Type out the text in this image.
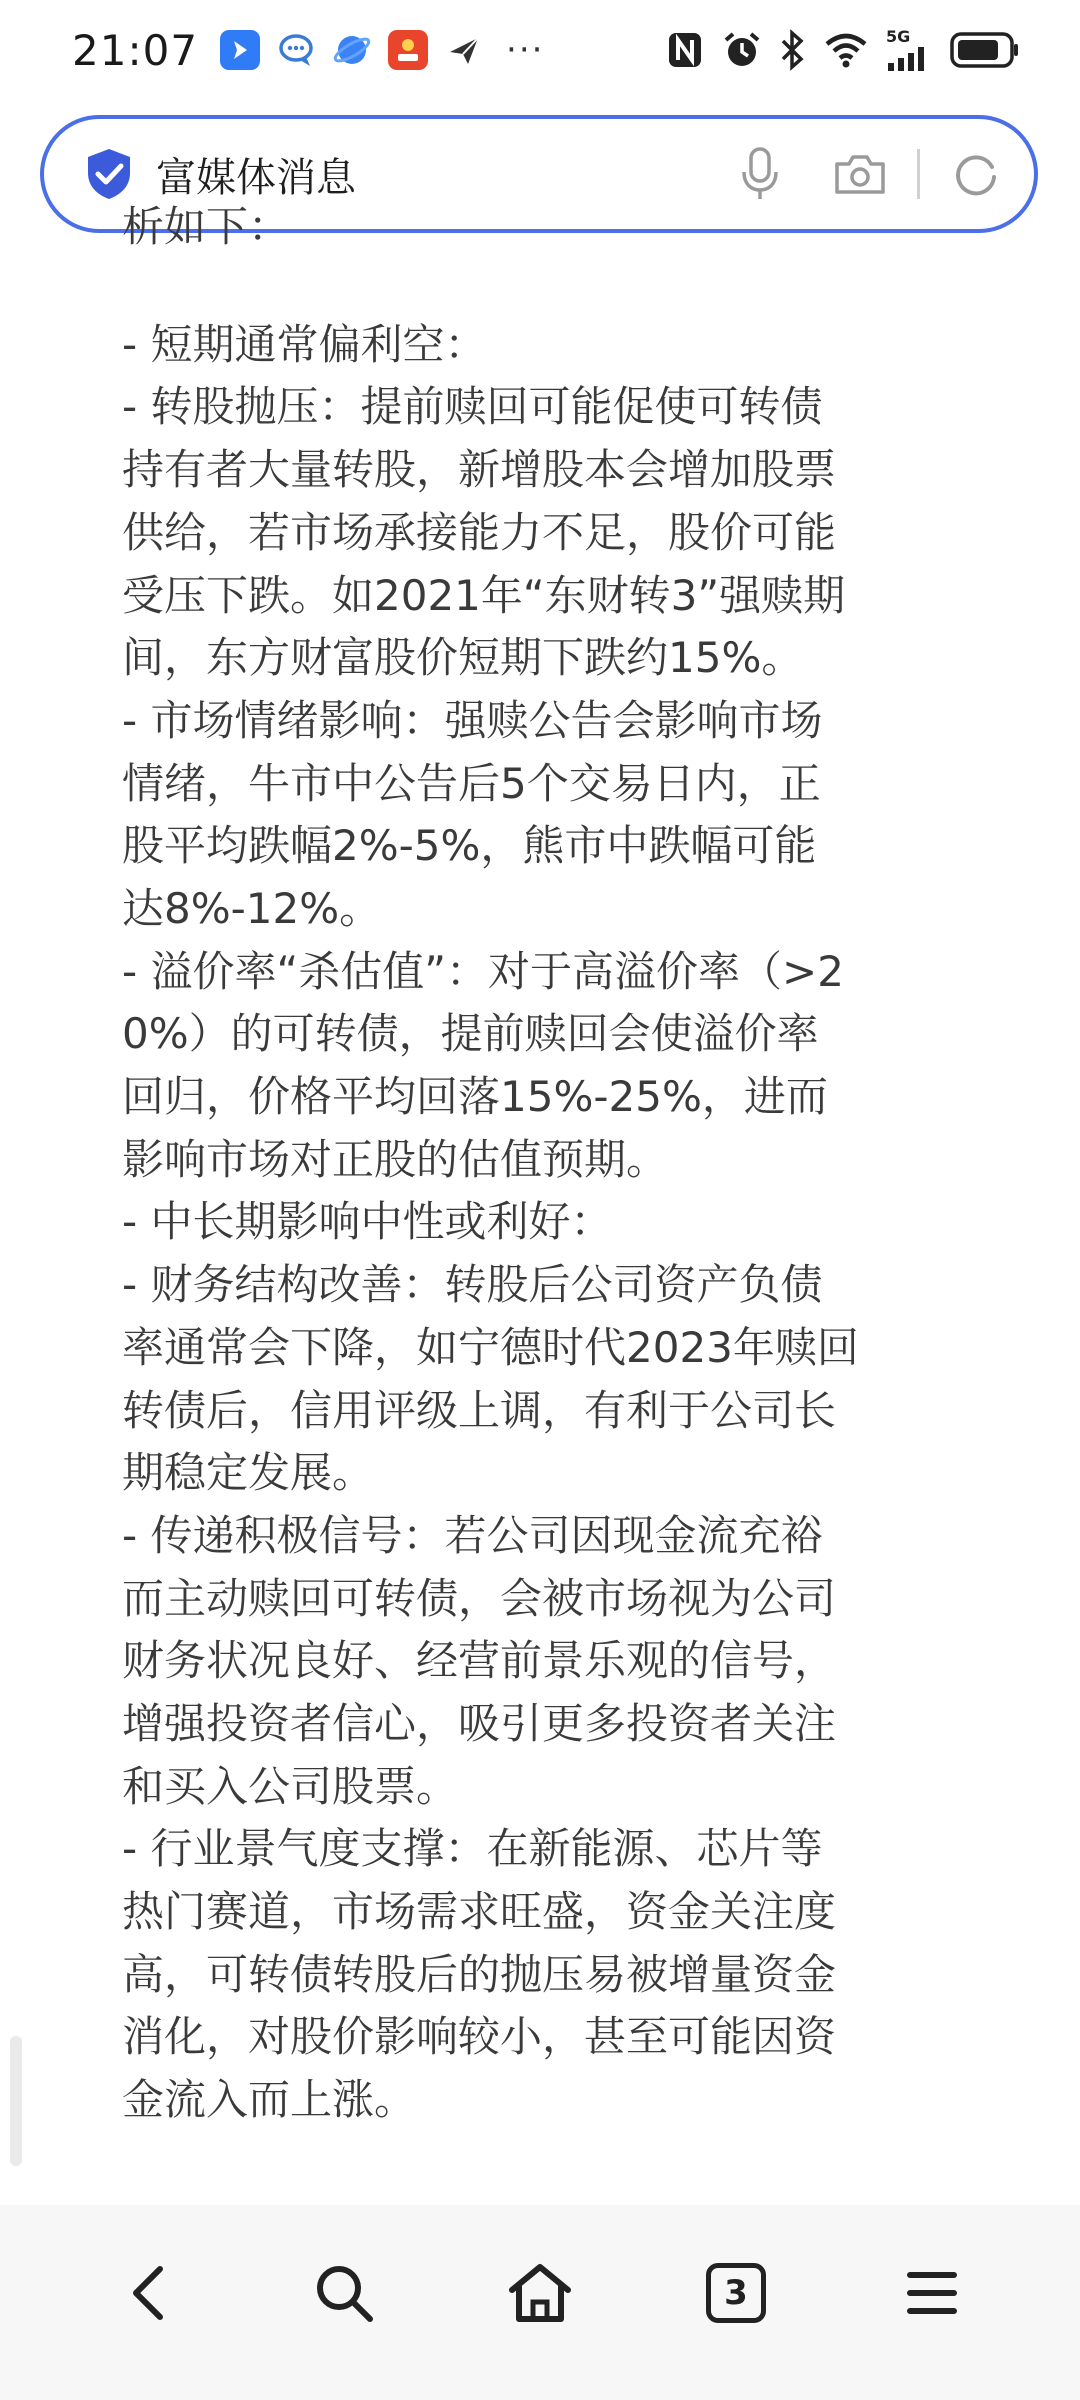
21:07	···	5G
富媒体消息
析如下：
- 短期通常偏利空：
- 转股抛压：提前赎回可能促使可转债
持有者大量转股，新增股本会增加股票
供给，若市场承接能力不足，股价可能
受压下跌。如2021年“东财转3”强赎期
间，东方财富股价短期下跌约15%。
- 市场情绪影响：强赎公告会影响市场
情绪，牛市中公告后5个交易日内，正
股平均跌幅2%-5%，熊市中跌幅可能
达8%-12%。
- 溢价率“杀估值”：对于高溢价率（>2
0%）的可转债，提前赎回会使溢价率
回归，价格平均回落15%-25%，进而
影响市场对正股的估值预期。
- 中长期影响中性或利好：
- 财务结构改善：转股后公司资产负债
率通常会下降，如宁德时代2023年赎回
转债后，信用评级上调，有利于公司长
期稳定发展。
- 传递积极信号：若公司因现金流充裕
而主动赎回可转债，会被市场视为公司
财务状况良好、经营前景乐观的信号，
增强投资者信心，吸引更多投资者关注
和买入公司股票。
- 行业景气度支撑：在新能源、芯片等
热门赛道，市场需求旺盛，资金关注度
高，可转债转股后的抛压易被增量资金
消化，对股价影响较小，甚至可能因资
金流入而上涨。
3
